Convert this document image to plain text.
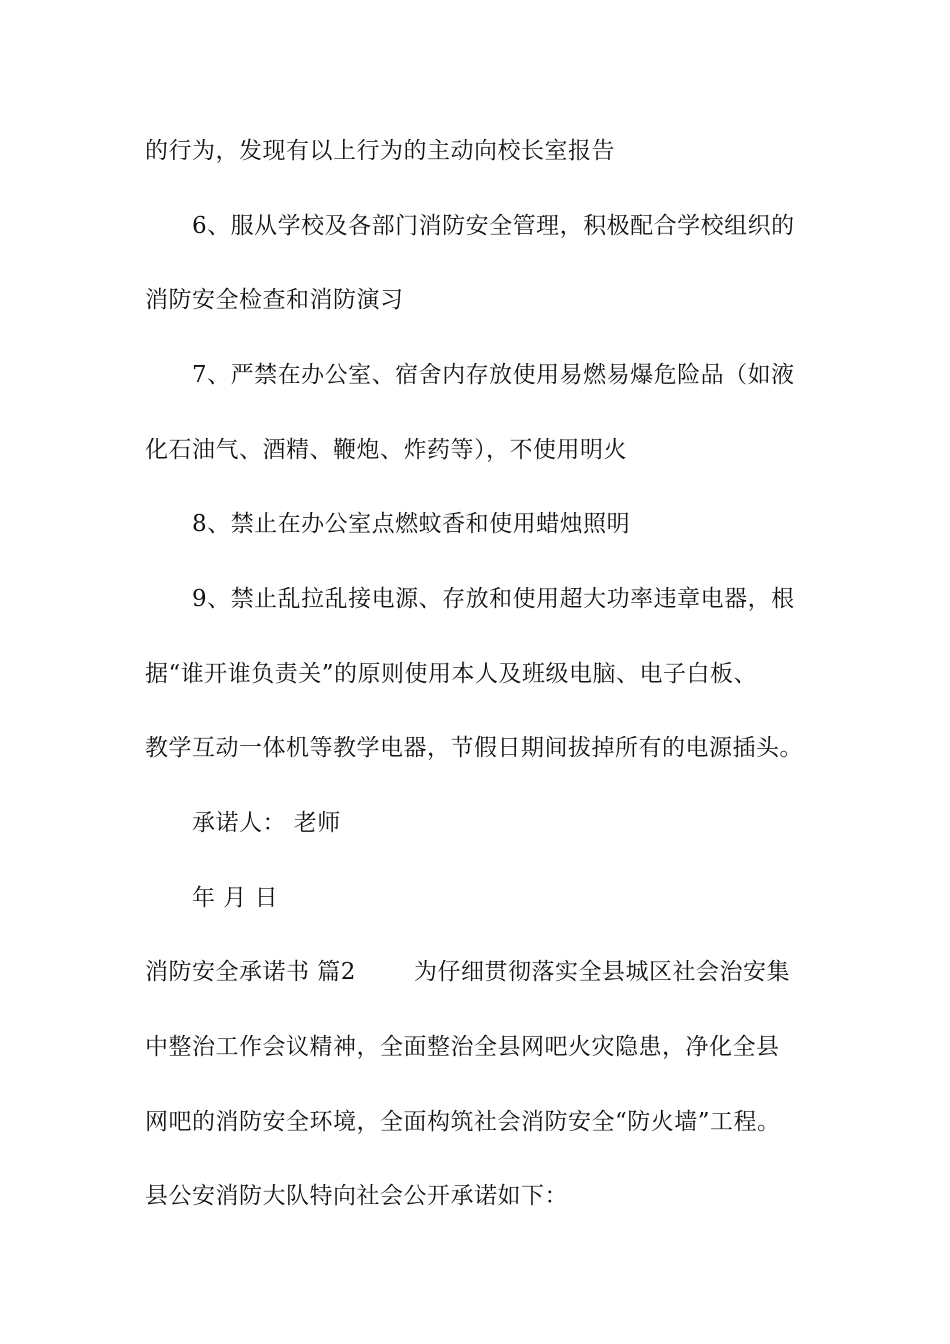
的行为，发现有以上行为的主动向校长室报告
6、服从学校及各部门消防安全管理，积极配合学校组织的
消防安全检查和消防演习
7、严禁在办公室、宿舍内存放使用易燃易爆危险品（如液
化石油气、酒精、鞭炮、炸药等），不使用明火
8、禁止在办公室点燃蚊香和使用蜡烛照明
9、禁止乱拉乱接电源、存放和使用超大功率违章电器，根
据“谁开谁负责关”的原则使用本人及班级电脑、电子白板、
教学互动一体机等教学电器，节假日期间拔掉所有的电源插头。
承诺人： 老师
年 月 日
消防安全承诺书 篇2	为仔细贯彻落实全县城区社会治安集
中整治工作会议精神，全面整治全县网吧火灾隐患，净化全县
网吧的消防安全环境，全面构筑社会消防安全“防火墙”工程。
县公安消防大队特向社会公开承诺如下：
